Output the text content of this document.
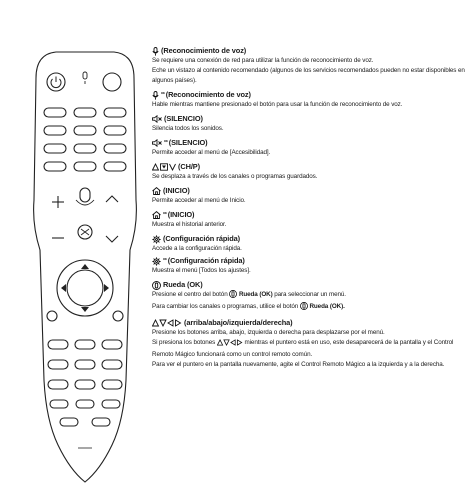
(Reconocimiento de voz)
Se requiere una conexión de red para utilizar la función de reconocimiento de voz.
Eche un vistazo al contenido recomendado (algunos de los servicios recomendados pueden no estar disponibles en algunos países).
** (Reconocimiento de voz)
Hable mientras mantiene presionado el botón para usar la función de reconocimiento de voz.
(SILENCIO)
Silencia todos los sonidos.
** (SILENCIO)
Permite acceder al menú de [Accesibilidad].
(CH/P)
Se desplaza a través de los canales o programas guardados.
(INICIO)
Permite acceder al menú de Inicio.
** (INICIO)
Muestra el historial anterior.
(Configuración rápida)
Accede a la configuración rápida.
** (Configuración rápida)
Muestra el menú [Todos los ajustes].
Rueda (OK)
Presione el centro del botón Rueda (OK) para seleccionar un menú.
Para cambiar los canales o programas, utilice el botón Rueda (OK).
(arriba/abajo/izquierda/derecha)
Presione los botones arriba, abajo, izquierda o derecha para desplazarse por el menú.
Si presiona los botones	mientras el puntero está en uso, este desaparecerá de la pantalla y el Control Remoto Mágico funcionará como un control remoto común.
Para ver el puntero en la pantalla nuevamente, agite el Control Remoto Mágico a la izquierda y a la derecha.
